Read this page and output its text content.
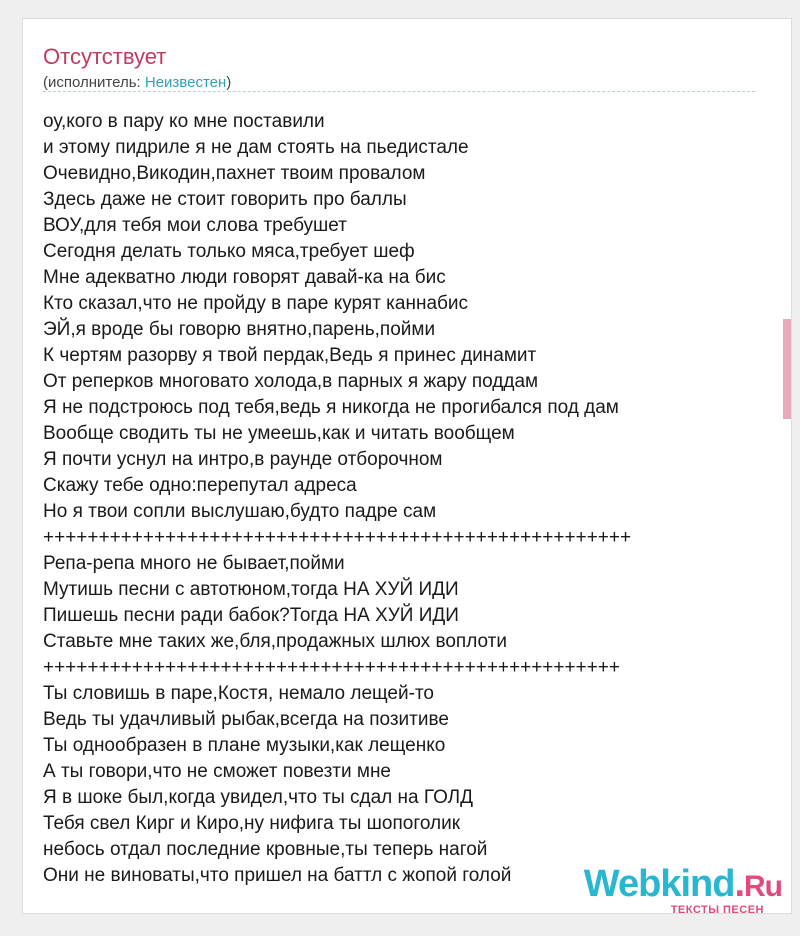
Отсутствует
(исполнитель: Неизвестен)
оу,кого в пару ко мне поставили
и этому пидриле я не дам стоять на пьедистале
Очевидно,Викодин,пахнет твоим провалом
Здесь даже не стоит говорить про баллы
ВОУ,для тебя мои слова требушет
Сегодня делать только мяса,требует шеф
Мне адекватно люди говорят давай-ка на бис
Кто сказал,что не пройду в паре курят каннабис
ЭЙ,я вроде бы говорю внятно,парень,пойми
К чертям разорву я твой пердак,Ведь я принес динамит
От реперков многовато холода,в парных я жару поддам
Я не подстроюсь под тебя,ведь я никогда не прогибался под дам
Вообще сводить ты не умеешь,как и читать вообщем
Я почти уснул на интро,в раунде отборочном
Скажу тебе одно:перепутал адреса
Но я твои сопли выслушаю,будто падре сам
+++++++++++++++++++++++++++++++++++++++++++++++++++++
Репа-репа много не бывает,пойми
Мутишь песни с автотюном,тогда НА ХУЙ ИДИ
Пишешь песни ради бабок?Тогда НА ХУЙ ИДИ
Ставьте мне таких же,бля,продажных шлюх воплоти
++++++++++++++++++++++++++++++++++++++++++++++++++++
Ты словишь в паре,Костя, немало лещей-то
Ведь ты удачливый рыбак,всегда на позитиве
Ты однообразен в плане музыки,как лещенко
А ты говори,что не сможет повезти мне
Я в шоке был,когда увидел,что ты сдал на ГОЛД
Тебя свел Кирг и Киро,ну нифига ты шопоголик
небось отдал последние кровные,ты теперь нагой
Они не виноваты,что пришел на баттл с жопой голой	Webkind.Ru
ТЕКСТЫ ПЕСЕН
